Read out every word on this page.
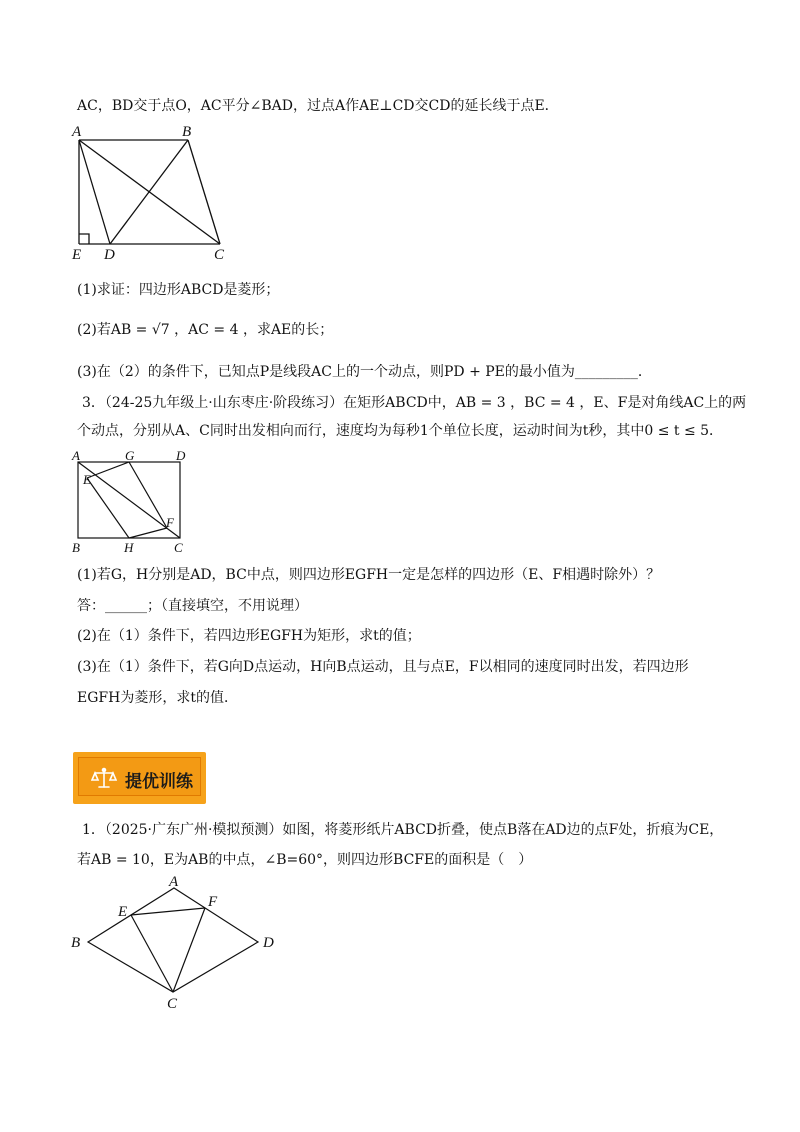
AC，BD交于点O，AC平分∠BAD，过点A作AE⊥CD交CD的延长线于点E．
A	B
E D	C
(1)求证：四边形ABCD是菱形；
(2)若AB = √7 ，AC = 4 ，求AE的长；
(3)在（2）的条件下，已知点P是线段AC上的一个动点，则PD + PE的最小值为_________．
3．（24-25九年级上·山东枣庄·阶段练习）在矩形ABCD中，AB = 3 ，BC = 4 ，E、F是对角线AC上的两
个动点，分别从A、C同时出发相向而行，速度均为每秒1个单位长度，运动时间为t秒，其中0 ≤ t ≤ 5．
A	G	D
E
F
B	H	C
(1)若G，H分别是AD，BC中点，则四边形EGFH一定是怎样的四边形（E、F相遇时除外）？
答：______；（直接填空，不用说理）
(2)在（1）条件下，若四边形EGFH为矩形，求t的值；
(3)在（1）条件下，若G向D点运动，H向B点运动，且与点E，F以相同的速度同时出发，若四边形
EGFH为菱形，求t的值．
提优训练
1．（2025·广东广州·模拟预测）如图，将菱形纸片ABCD折叠，使点B落在AD边的点F处，折痕为CE，
若AB = 10，E为AB的中点，∠B=60°，则四边形BCFE的面积是（　）
A
E
F
B	D
C
